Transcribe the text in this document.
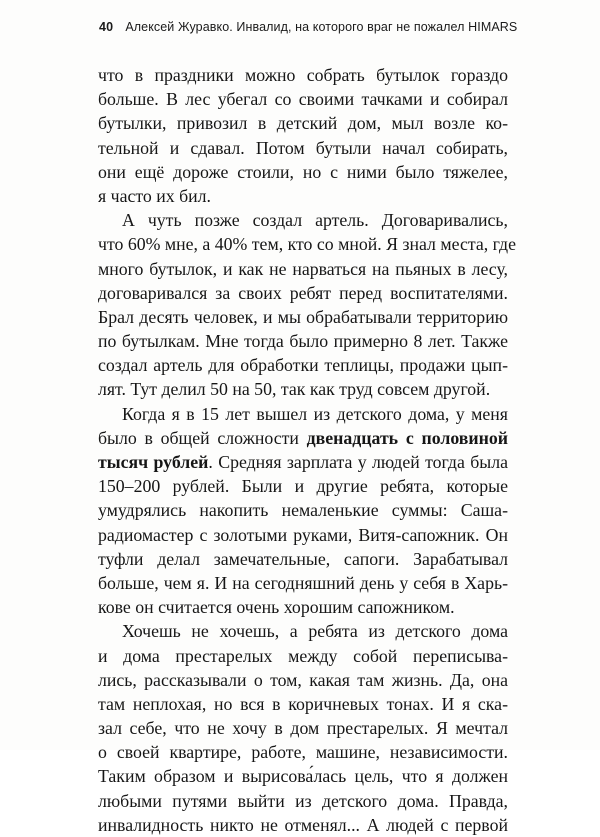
40 Алексей Журавко. Инвалид, на которого враг не пожалел HIMARS
что в праздники можно собрать бутылок гораздо
больше. В лес убегал со своими тачками и собирал
бутылки, привозил в детский дом, мыл возле ко-
тельной и сдавал. Потом бутыли начал собирать,
они ещё дороже стоили, но с ними было тяжелее,
я часто их бил.
А чуть позже создал артель. Договаривались,
что 60% мне, а 40% тем, кто со мной. Я знал места, где
много бутылок, и как не нарваться на пьяных в лесу,
договаривался за своих ребят перед воспитателями.
Брал десять человек, и мы обрабатывали территорию
по бутылкам. Мне тогда было примерно 8 лет. Также
создал артель для обработки теплицы, продажи цып-
лят. Тут делил 50 на 50, так как труд совсем другой.
Когда я в 15 лет вышел из детского дома, у меня
было в общей сложности двенадцать с половиной
тысяч рублей. Средняя зарплата у людей тогда была
150–200 рублей. Были и другие ребята, которые
умудрялись накопить немаленькие суммы: Саша-
радиомастер с золотыми руками, Витя-сапожник. Он
туфли делал замечательные, сапоги. Зарабатывал
больше, чем я. И на сегодняшний день у себя в Харь-
кове он считается очень хорошим сапожником.
Хочешь не хочешь, а ребята из детского дома
и дома престарелых между собой переписыва-
лись, рассказывали о том, какая там жизнь. Да, она
там неплохая, но вся в коричневых тонах. И я ска-
зал себе, что не хочу в дом престарелых. Я мечтал
о своей квартире, работе, машине, независимости.
Таким образом и вырисова́лась цель, что я должен
любыми путями выйти из детского дома. Правда,
инвалидность никто не отменял... А людей с первой
